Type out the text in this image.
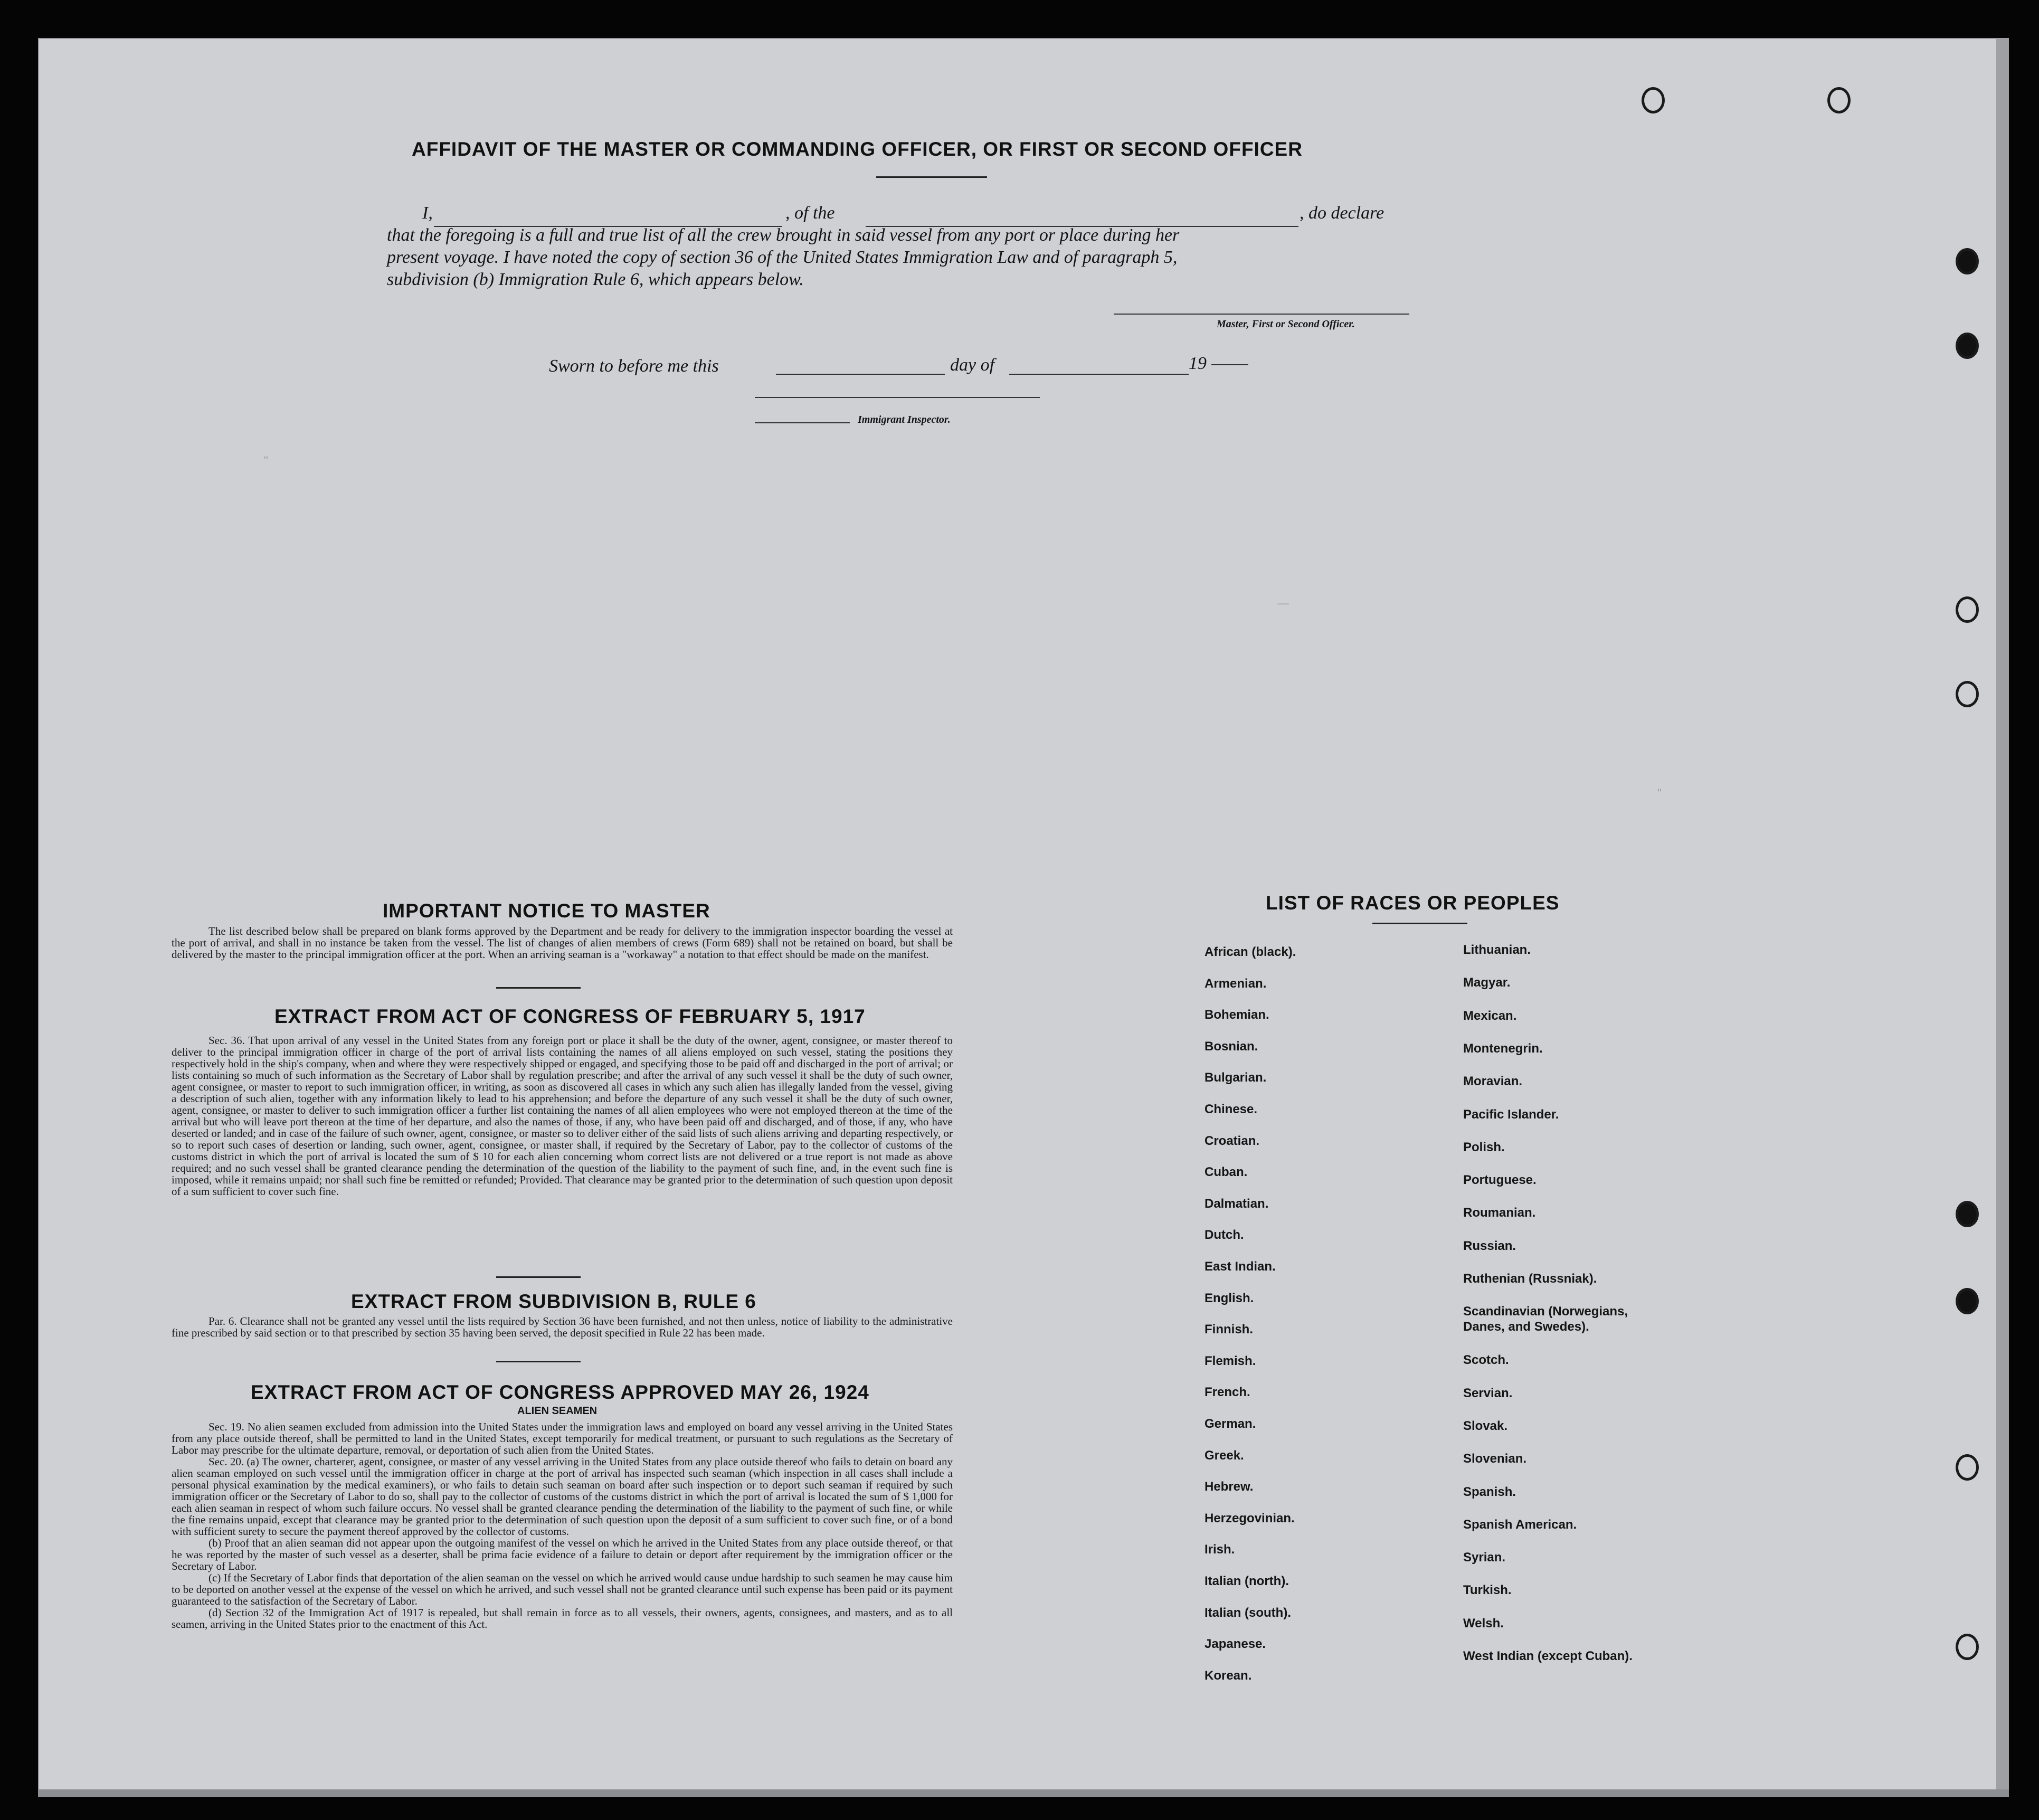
"
—
"
AFFIDAVIT OF THE MASTER OR COMMANDING OFFICER, OR FIRST OR SECOND OFFICER
I,	, of the	, do declare
that the foregoing is a full and true list of all the crew brought in said vessel from any port or place during her
present voyage. I have noted the copy of section 36 of the United States Immigration Law and of paragraph 5,
subdivision (b) Immigration Rule 6, which appears below.
Master, First or Second Officer.
Sworn to before me this	day of	19
Immigrant Inspector.
IMPORTANT NOTICE TO MASTER
The list described below shall be prepared on blank forms approved by the Department and be ready for delivery to the immigration inspector boarding the vessel at the port of arrival, and shall in no instance be taken from the vessel. The list of changes of alien members of crews (Form 689) shall not be retained on board, but shall be delivered by the master to the principal immigration officer at the port. When an arriving seaman is a "workaway" a notation to that effect should be made on the manifest.
EXTRACT FROM ACT OF CONGRESS OF FEBRUARY 5, 1917
Sec. 36. That upon arrival of any vessel in the United States from any foreign port or place it shall be the duty of the owner, agent, consignee, or master thereof to deliver to the principal immigration officer in charge of the port of arrival lists containing the names of all aliens employed on such vessel, stating the positions they respectively hold in the ship's company, when and where they were respectively shipped or engaged, and specifying those to be paid off and discharged in the port of arrival; or lists containing so much of such information as the Secretary of Labor shall by regulation prescribe; and after the arrival of any such vessel it shall be the duty of such owner, agent consignee, or master to report to such immigration officer, in writing, as soon as discovered all cases in which any such alien has illegally landed from the vessel, giving a description of such alien, together with any information likely to lead to his apprehension; and before the departure of any such vessel it shall be the duty of such owner, agent, consignee, or master to deliver to such immigration officer a further list containing the names of all alien employees who were not employed thereon at the time of the arrival but who will leave port thereon at the time of her departure, and also the names of those, if any, who have been paid off and discharged, and of those, if any, who have deserted or landed; and in case of the failure of such owner, agent, consignee, or master so to deliver either of the said lists of such aliens arriving and departing respectively, or so to report such cases of desertion or landing, such owner, agent, consignee, or master shall, if required by the Secretary of Labor, pay to the collector of customs of the customs district in which the port of arrival is located the sum of $ 10 for each alien concerning whom correct lists are not delivered or a true report is not made as above required; and no such vessel shall be granted clearance pending the determination of the question of the liability to the payment of such fine, and, in the event such fine is imposed, while it remains unpaid; nor shall such fine be remitted or refunded; Provided. That clearance may be granted prior to the determination of such question upon deposit of a sum sufficient to cover such fine.
EXTRACT FROM SUBDIVISION B, RULE 6
Par. 6. Clearance shall not be granted any vessel until the lists required by Section 36 have been furnished, and not then unless, notice of liability to the administrative fine prescribed by said section or to that prescribed by section 35 having been served, the deposit specified in Rule 22 has been made.
EXTRACT FROM ACT OF CONGRESS APPROVED MAY 26, 1924
ALIEN SEAMEN
Sec. 19. No alien seamen excluded from admission into the United States under the immigration laws and employed on board any vessel arriving in the United States from any place outside thereof, shall be permitted to land in the United States, except temporarily for medical treatment, or pursuant to such regulations as the Secretary of Labor may prescribe for the ultimate departure, removal, or deportation of such alien from the United States.
Sec. 20. (a) The owner, charterer, agent, consignee, or master of any vessel arriving in the United States from any place outside thereof who fails to detain on board any alien seaman employed on such vessel until the immigration officer in charge at the port of arrival has inspected such seaman (which inspection in all cases shall include a personal physical examination by the medical examiners), or who fails to detain such seaman on board after such inspection or to deport such seaman if required by such immigration officer or the Secretary of Labor to do so, shall pay to the collector of customs of the customs district in which the port of arrival is located the sum of $ 1,000 for each alien seaman in respect of whom such failure occurs. No vessel shall be granted clearance pending the determination of the liability to the payment of such fine, or while the fine remains unpaid, except that clearance may be granted prior to the determination of such question upon the deposit of a sum sufficient to cover such fine, or of a bond with sufficient surety to secure the payment thereof approved by the collector of customs.
(b) Proof that an alien seaman did not appear upon the outgoing manifest of the vessel on which he arrived in the United States from any place outside thereof, or that he was reported by the master of such vessel as a deserter, shall be prima facie evidence of a failure to detain or deport after requirement by the immigration officer or the Secretary of Labor.
(c) If the Secretary of Labor finds that deportation of the alien seaman on the vessel on which he arrived would cause undue hardship to such seamen he may cause him to be deported on another vessel at the expense of the vessel on which he arrived, and such vessel shall not be granted clearance until such expense has been paid or its payment guaranteed to the satisfaction of the Secretary of Labor.
(d) Section 32 of the Immigration Act of 1917 is repealed, but shall remain in force as to all vessels, their owners, agents, consignees, and masters, and as to all seamen, arriving in the United States prior to the enactment of this Act.
LIST OF RACES OR PEOPLES
African (black).
Armenian.
Bohemian.
Bosnian.
Bulgarian.
Chinese.
Croatian.
Cuban.
Dalmatian.
Dutch.
East Indian.
English.
Finnish.
Flemish.
French.
German.
Greek.
Hebrew.
Herzegovinian.
Irish.
Italian (north).
Italian (south).
Japanese.
Korean.
Lithuanian.
Magyar.
Mexican.
Montenegrin.
Moravian.
Pacific Islander.
Polish.
Portuguese.
Roumanian.
Russian.
Ruthenian (Russniak).
Scandinavian (Norwegians, Danes, and Swedes).
Scotch.
Servian.
Slovak.
Slovenian.
Spanish.
Spanish American.
Syrian.
Turkish.
Welsh.
West Indian (except Cuban).
